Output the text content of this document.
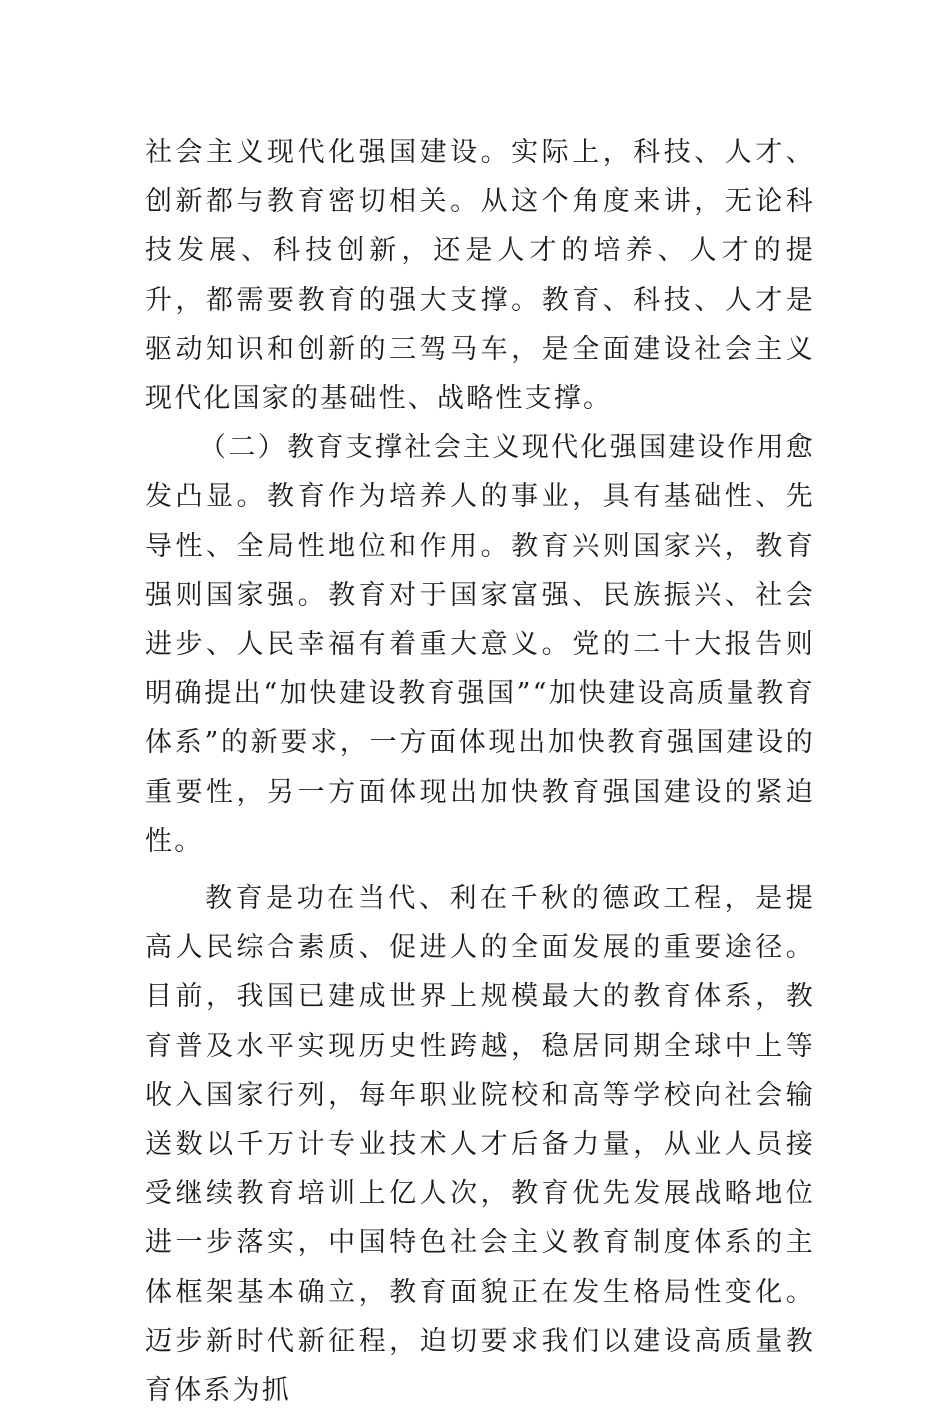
社会主义现代化强国建设。实际上，科技、人才、创新都与教育密切相关。从这个角度来讲，无论科技发展、科技创新，还是人才的培养、人才的提升，都需要教育的强大支撑。教育、科技、人才是驱动知识和创新的三驾马车，是全面建设社会主义现代化国家的基础性、战略性支撑。

（二）教育支撑社会主义现代化强国建设作用愈发凸显。教育作为培养人的事业，具有基础性、先导性、全局性地位和作用。教育兴则国家兴，教育强则国家强。教育对于国家富强、民族振兴、社会进步、人民幸福有着重大意义。党的二十大报告则明确提出“加快建设教育强国”“加快建设高质量教育体系”的新要求，一方面体现出加快教育强国建设的重要性，另一方面体现出加快教育强国建设的紧迫性。

教育是功在当代、利在千秋的德政工程，是提高人民综合素质、促进人的全面发展的重要途径。目前，我国已建成世界上规模最大的教育体系，教育普及水平实现历史性跨越，稳居同期全球中上等收入国家行列，每年职业院校和高等学校向社会输送数以千万计专业技术人才后备力量，从业人员接受继续教育培训上亿人次，教育优先发展战略地位进一步落实，中国特色社会主义教育制度体系的主体框架基本确立，教育面貌正在发生格局性变化。迈步新时代新征程，迫切要求我们以建设高质量教育体系为抓
